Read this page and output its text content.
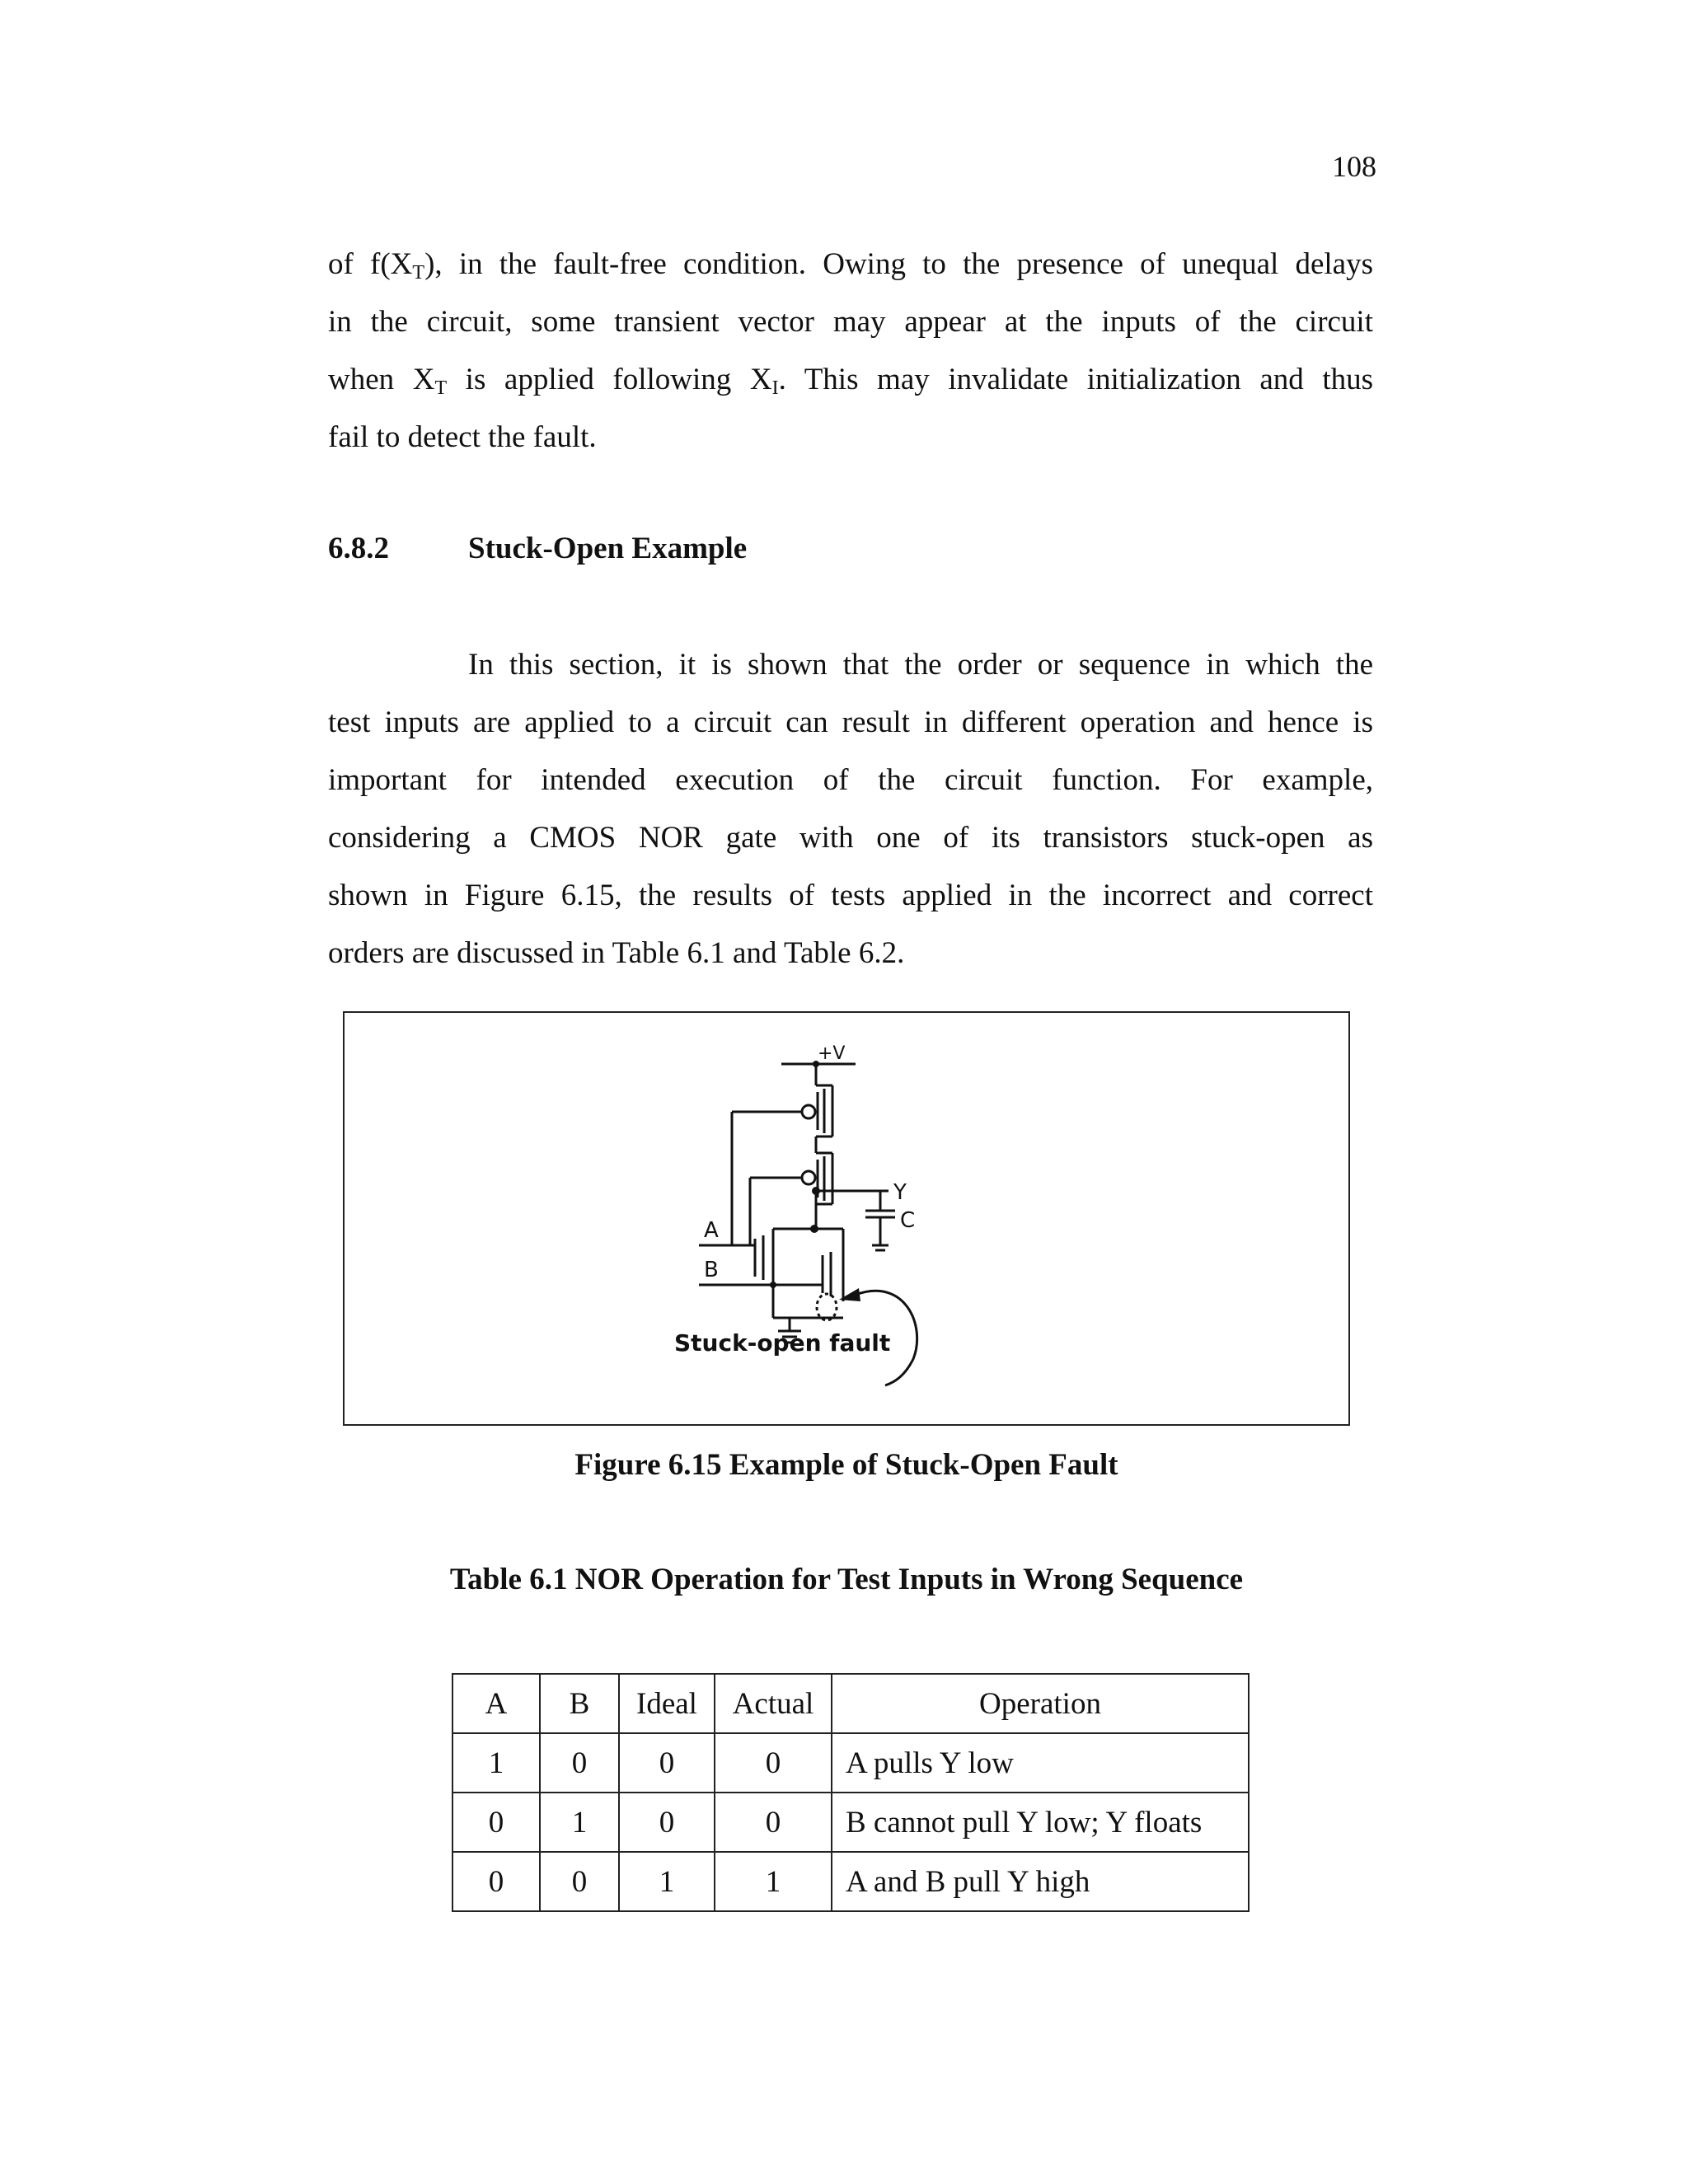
108
of $f(X_T)$, in the fault-free condition. Owing to the presence of unequal delays
in the circuit, some transient vector may appear at the inputs of the circuit
when $X_T$ is applied following $X_I$. This may invalidate initialization and thus
fail to detect the fault.
6.8.2	Stuck-Open Example
In this section, it is shown that the order or sequence in which the
test inputs are applied to a circuit can result in different operation and hence is
important for intended execution of the circuit function. For example,
considering a CMOS NOR gate with one of its transistors stuck-open as
shown in Figure 6.15, the results of tests applied in the incorrect and correct
orders are discussed in Table 6.1 and Table 6.2.
+V
Y
C
A
B
Stuck-open fault
Figure 6.15 Example of Stuck-Open Fault
Table 6.1 NOR Operation for Test Inputs in Wrong Sequence
A	B	Ideal	Actual	Operation
1	0	0	0	A pulls Y low
0	1	0	0	B cannot pull Y low; Y floats
0	0	1	1	A and B pull Y high
